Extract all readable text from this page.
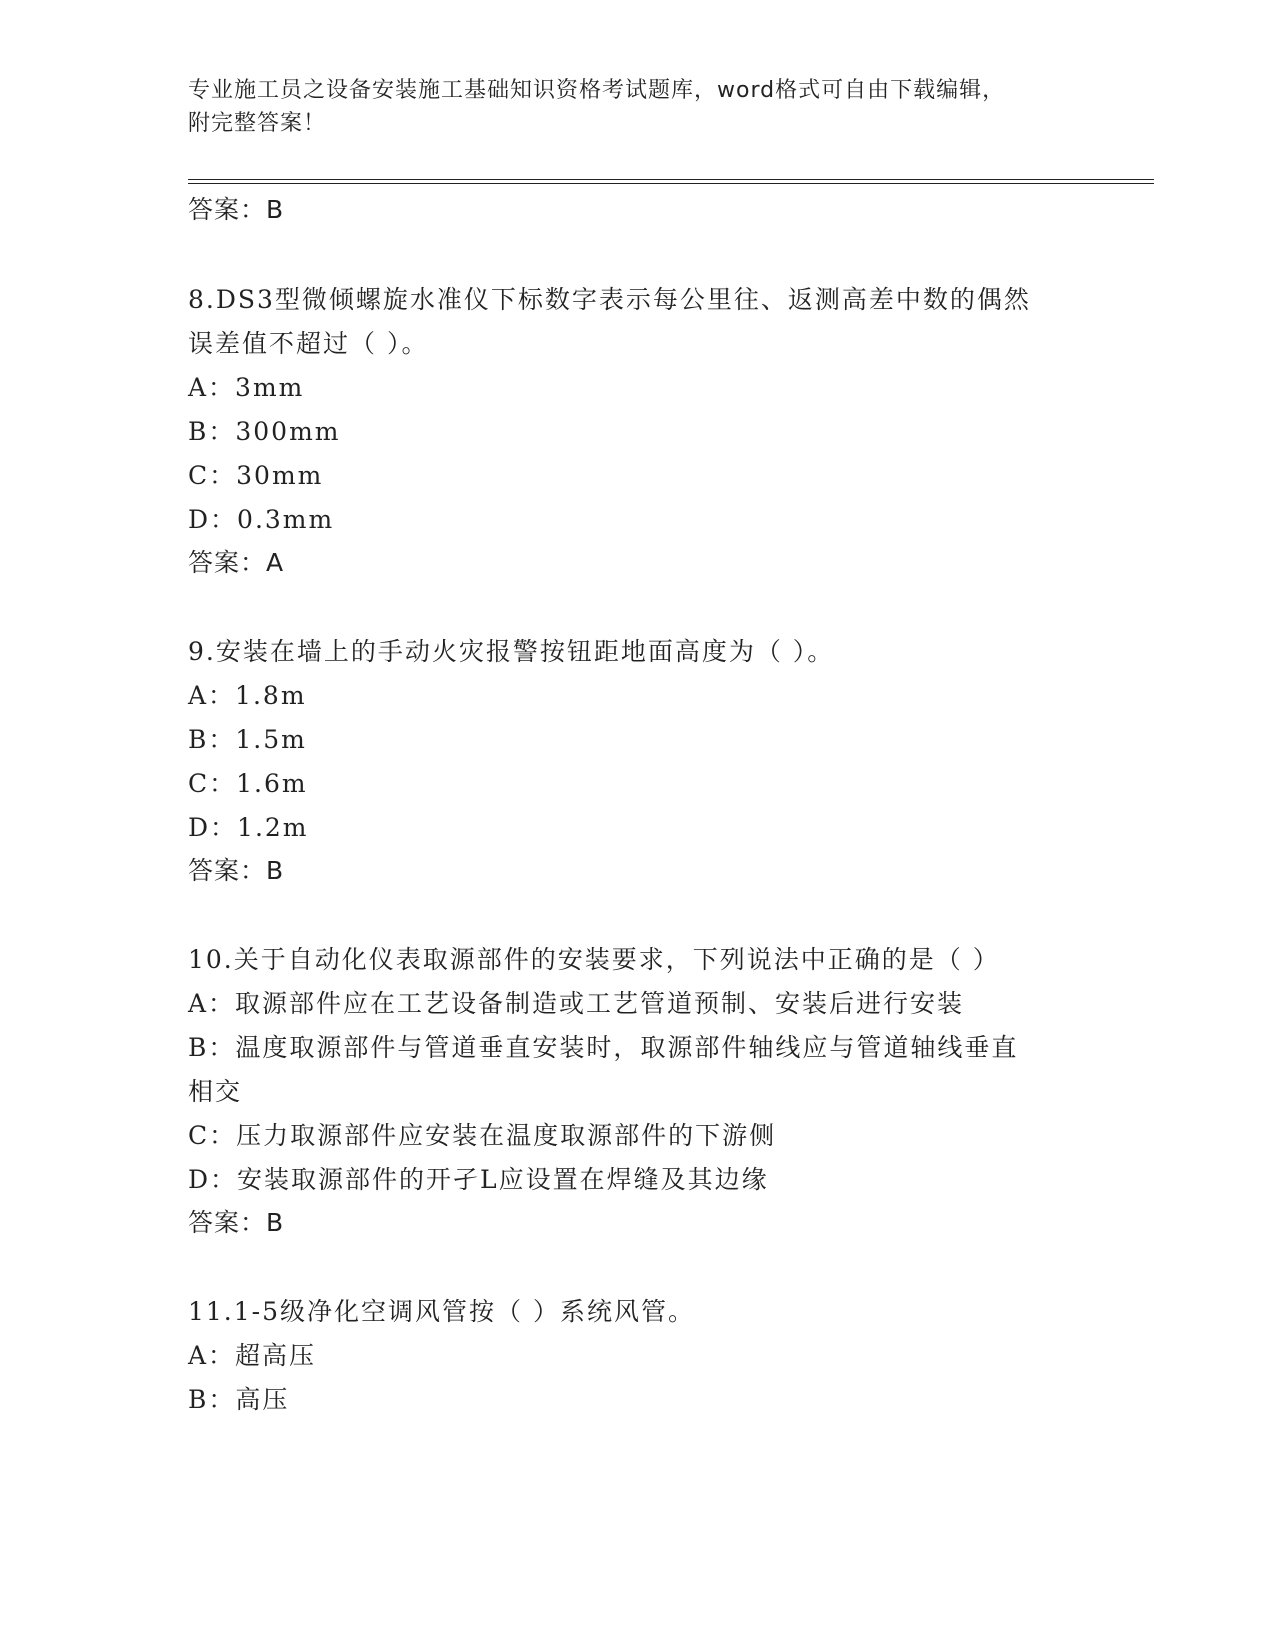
专业施工员之设备安装施工基础知识资格考试题库，word格式可自由下载编辑，
附完整答案！
答案：B
8.DS3型微倾螺旋水准仪下标数字表示每公里往、返测高差中数的偶然
误差值不超过（ ）。
A：3mm
B：300mm
C：30mm
D：0.3mm
答案：A
9.安装在墙上的手动火灾报警按钮距地面高度为（ ）。
A：1.8m
B：1.5m
C：1.6m
D：1.2m
答案：B
10.关于自动化仪表取源部件的安装要求，下列说法中正确的是（ ）
A：取源部件应在工艺设备制造或工艺管道预制、安装后进行安装
B：温度取源部件与管道垂直安装时，取源部件轴线应与管道轴线垂直
相交
C：压力取源部件应安装在温度取源部件的下游侧
D：安装取源部件的开孑L应设置在焊缝及其边缘
答案：B
11.1-5级净化空调风管按（ ）系统风管。
A：超高压
B：高压
